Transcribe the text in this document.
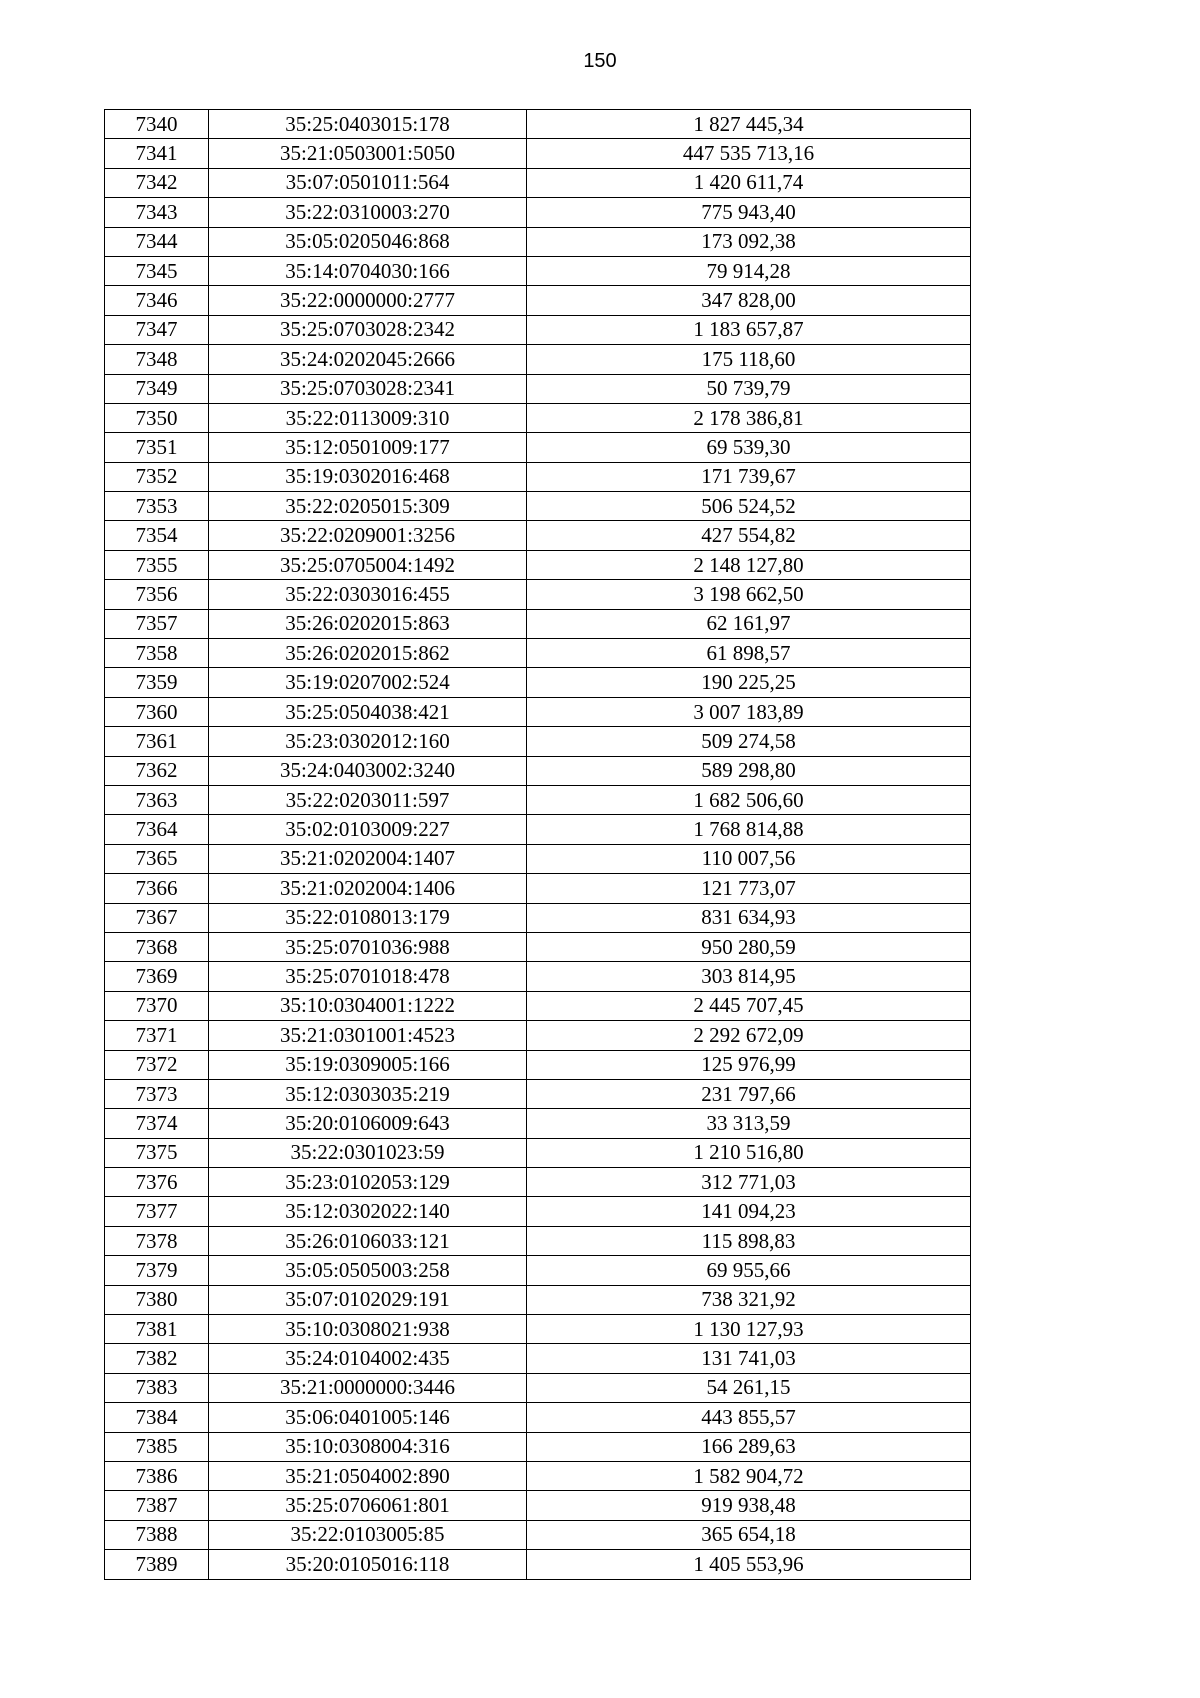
150
7340	35:25:0403015:178	1 827 445,34
7341	35:21:0503001:5050	447 535 713,16
7342	35:07:0501011:564	1 420 611,74
7343	35:22:0310003:270	775 943,40
7344	35:05:0205046:868	173 092,38
7345	35:14:0704030:166	79 914,28
7346	35:22:0000000:2777	347 828,00
7347	35:25:0703028:2342	1 183 657,87
7348	35:24:0202045:2666	175 118,60
7349	35:25:0703028:2341	50 739,79
7350	35:22:0113009:310	2 178 386,81
7351	35:12:0501009:177	69 539,30
7352	35:19:0302016:468	171 739,67
7353	35:22:0205015:309	506 524,52
7354	35:22:0209001:3256	427 554,82
7355	35:25:0705004:1492	2 148 127,80
7356	35:22:0303016:455	3 198 662,50
7357	35:26:0202015:863	62 161,97
7358	35:26:0202015:862	61 898,57
7359	35:19:0207002:524	190 225,25
7360	35:25:0504038:421	3 007 183,89
7361	35:23:0302012:160	509 274,58
7362	35:24:0403002:3240	589 298,80
7363	35:22:0203011:597	1 682 506,60
7364	35:02:0103009:227	1 768 814,88
7365	35:21:0202004:1407	110 007,56
7366	35:21:0202004:1406	121 773,07
7367	35:22:0108013:179	831 634,93
7368	35:25:0701036:988	950 280,59
7369	35:25:0701018:478	303 814,95
7370	35:10:0304001:1222	2 445 707,45
7371	35:21:0301001:4523	2 292 672,09
7372	35:19:0309005:166	125 976,99
7373	35:12:0303035:219	231 797,66
7374	35:20:0106009:643	33 313,59
7375	35:22:0301023:59	1 210 516,80
7376	35:23:0102053:129	312 771,03
7377	35:12:0302022:140	141 094,23
7378	35:26:0106033:121	115 898,83
7379	35:05:0505003:258	69 955,66
7380	35:07:0102029:191	738 321,92
7381	35:10:0308021:938	1 130 127,93
7382	35:24:0104002:435	131 741,03
7383	35:21:0000000:3446	54 261,15
7384	35:06:0401005:146	443 855,57
7385	35:10:0308004:316	166 289,63
7386	35:21:0504002:890	1 582 904,72
7387	35:25:0706061:801	919 938,48
7388	35:22:0103005:85	365 654,18
7389	35:20:0105016:118	1 405 553,96
